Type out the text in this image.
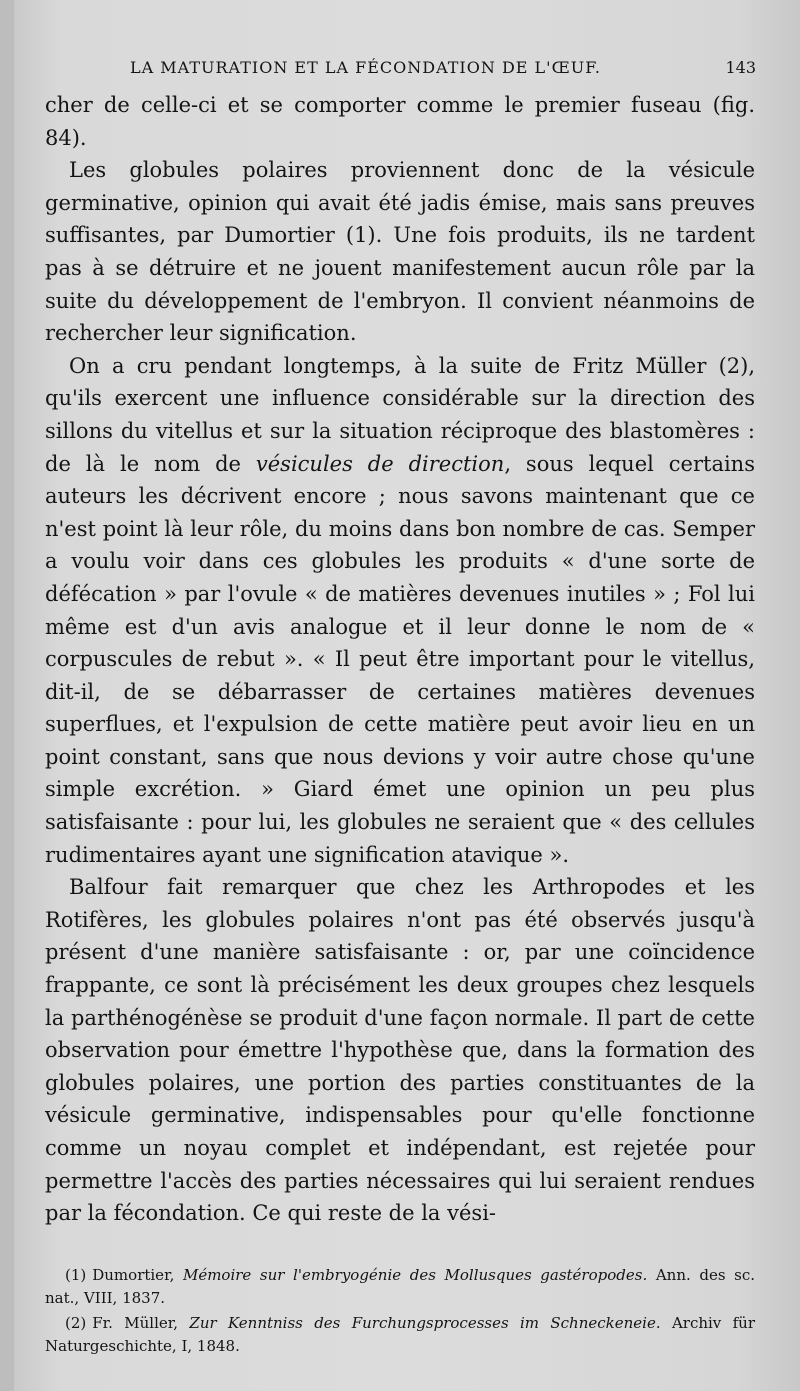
LA MATURATION ET LA FÉCONDATION DE L'ŒUF.	143

cher de celle-ci et se comporter comme le premier fuseau (fig. 84).

Les globules polaires proviennent donc de la vésicule germinative, opinion qui avait été jadis émise, mais sans preuves suffisantes, par Dumortier (1). Une fois produits, ils ne tardent pas à se détruire et ne jouent manifestement aucun rôle par la suite du développement de l'embryon. Il convient néanmoins de rechercher leur signification.

On a cru pendant longtemps, à la suite de Fritz Müller (2), qu'ils exercent une influence considérable sur la direction des sillons du vitellus et sur la situation réciproque des blastomères : de là le nom de vésicules de direction, sous lequel certains auteurs les décrivent encore ; nous savons maintenant que ce n'est point là leur rôle, du moins dans bon nombre de cas. Semper a voulu voir dans ces globules les produits « d'une sorte de défécation » par l'ovule « de matières devenues inutiles » ; Fol lui même est d'un avis analogue et il leur donne le nom de « corpuscules de rebut ». « Il peut être important pour le vitellus, dit-il, de se débarrasser de certaines matières devenues superflues, et l'expulsion de cette matière peut avoir lieu en un point constant, sans que nous devions y voir autre chose qu'une simple excrétion. » Giard émet une opinion un peu plus satisfaisante : pour lui, les globules ne seraient que « des cellules rudimentaires ayant une signification atavique ».

Balfour fait remarquer que chez les Arthropodes et les Rotifères, les globules polaires n'ont pas été observés jusqu'à présent d'une manière satisfaisante : or, par une coïncidence frappante, ce sont là précisément les deux groupes chez lesquels la parthénogénèse se produit d'une façon normale. Il part de cette observation pour émettre l'hypothèse que, dans la formation des globules polaires, une portion des parties constituantes de la vésicule germinative, indispensables pour qu'elle fonctionne comme un noyau complet et indépendant, est rejetée pour permettre l'accès des parties nécessaires qui lui seraient rendues par la fécondation. Ce qui reste de la vési-

(1) Dumortier, Mémoire sur l'embryogénie des Mollusques gastéropodes. Ann. des sc. nat., VIII, 1837.

(2) Fr. Müller, Zur Kenntniss des Furchungsprocesses im Schneckeneie. Archiv für Naturgeschichte, I, 1848.
